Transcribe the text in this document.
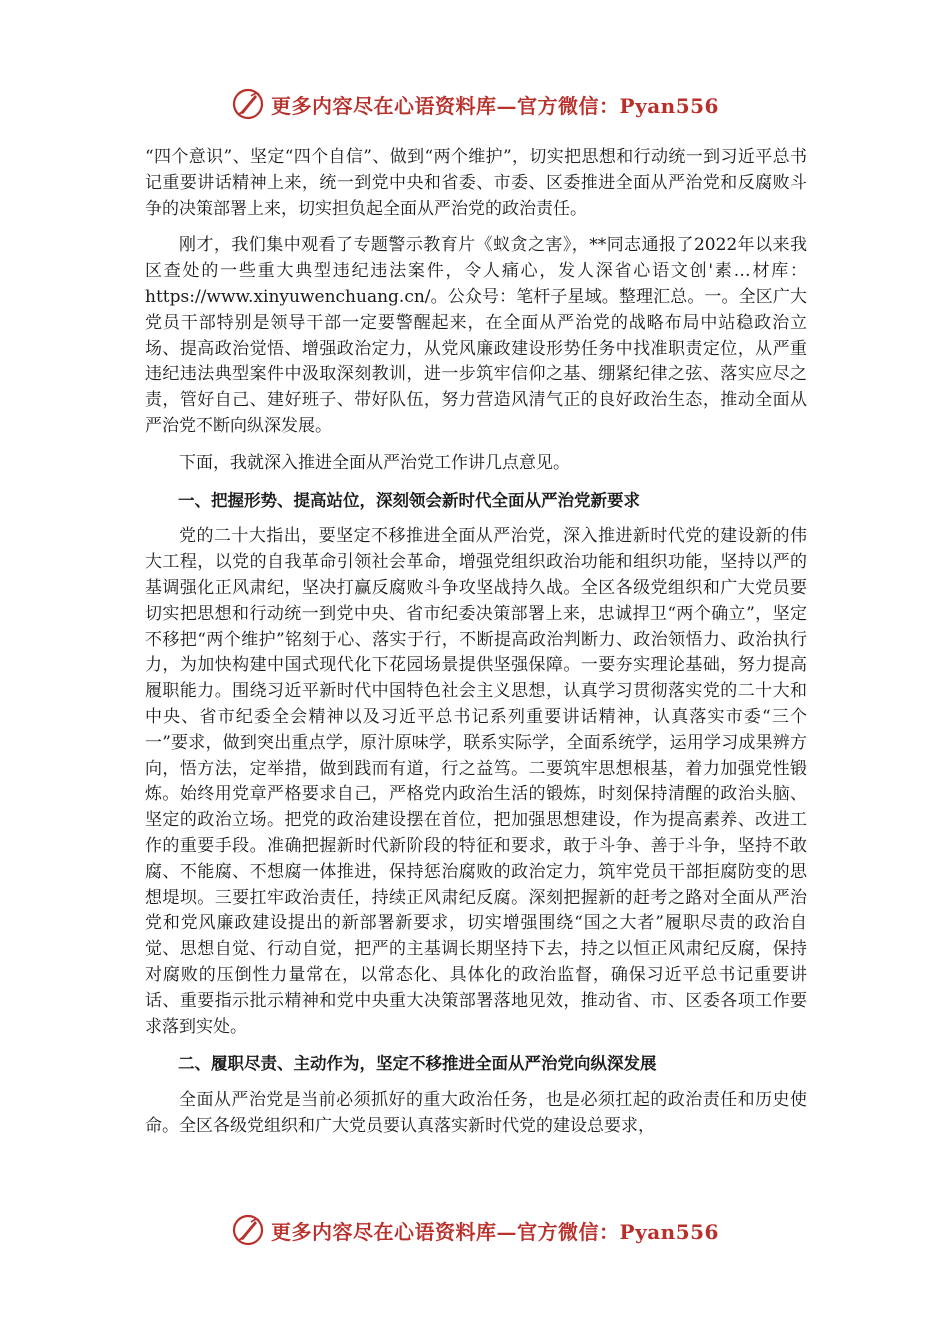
更多内容尽在心语资料库—官方微信：Pyan556

“四个意识”、坚定“四个自信”、做到“两个维护”，切实把思想和行动统一到习近平总书记重要讲话精神上来，统一到党中央和省委、市委、区委推进全面从严治党和反腐败斗争的决策部署上来，切实担负起全面从严治党的政治责任。

刚才，我们集中观看了专题警示教育片《蚁贪之害》，**同志通报了2022年以来我区查处的一些重大典型违纪违法案件，令人痛心，发人深省心语文创'素…材库：https://www.xinyuwenchuang.cn/。公众号：笔杆子星域。整理汇总。一。全区广大党员干部特别是领导干部一定要警醒起来，在全面从严治党的战略布局中站稳政治立场、提高政治觉悟、增强政治定力，从党风廉政建设形势任务中找准职责定位，从严重违纪违法典型案件中汲取深刻教训，进一步筑牢信仰之基、绷紧纪律之弦、落实应尽之责，管好自己、建好班子、带好队伍，努力营造风清气正的良好政治生态，推动全面从严治党不断向纵深发展。

下面，我就深入推进全面从严治党工作讲几点意见。

一、把握形势、提高站位，深刻领会新时代全面从严治党新要求

党的二十大指出，要坚定不移推进全面从严治党，深入推进新时代党的建设新的伟大工程，以党的自我革命引领社会革命，增强党组织政治功能和组织功能，坚持以严的基调强化正风肃纪，坚决打赢反腐败斗争攻坚战持久战。全区各级党组织和广大党员要切实把思想和行动统一到党中央、省市纪委决策部署上来，忠诚捍卫“两个确立”，坚定不移把“两个维护”铭刻于心、落实于行，不断提高政治判断力、政治领悟力、政治执行力，为加快构建中国式现代化下花园场景提供坚强保障。一要夯实理论基础，努力提高履职能力。围绕习近平新时代中国特色社会主义思想，认真学习贯彻落实党的二十大和中央、省市纪委全会精神以及习近平总书记系列重要讲话精神，认真落实市委“三个一”要求，做到突出重点学，原汁原味学，联系实际学，全面系统学，运用学习成果辨方向，悟方法，定举措，做到践而有道，行之益笃。二要筑牢思想根基，着力加强党性锻炼。始终用党章严格要求自己，严格党内政治生活的锻炼，时刻保持清醒的政治头脑、坚定的政治立场。把党的政治建设摆在首位，把加强思想建设，作为提高素养、改进工作的重要手段。准确把握新时代新阶段的特征和要求，敢于斗争、善于斗争，坚持不敢腐、不能腐、不想腐一体推进，保持惩治腐败的政治定力，筑牢党员干部拒腐防变的思想堤坝。三要扛牢政治责任，持续正风肃纪反腐。深刻把握新的赶考之路对全面从严治党和党风廉政建设提出的新部署新要求，切实增强围绕“国之大者”履职尽责的政治自觉、思想自觉、行动自觉，把严的主基调长期坚持下去，持之以恒正风肃纪反腐，保持对腐败的压倒性力量常在，以常态化、具体化的政治监督，确保习近平总书记重要讲话、重要指示批示精神和党中央重大决策部署落地见效，推动省、市、区委各项工作要求落到实处。

二、履职尽责、主动作为，坚定不移推进全面从严治党向纵深发展

全面从严治党是当前必须抓好的重大政治任务，也是必须扛起的政治责任和历史使命。全区各级党组织和广大党员要认真落实新时代党的建设总要求，

更多内容尽在心语资料库—官方微信：Pyan556
